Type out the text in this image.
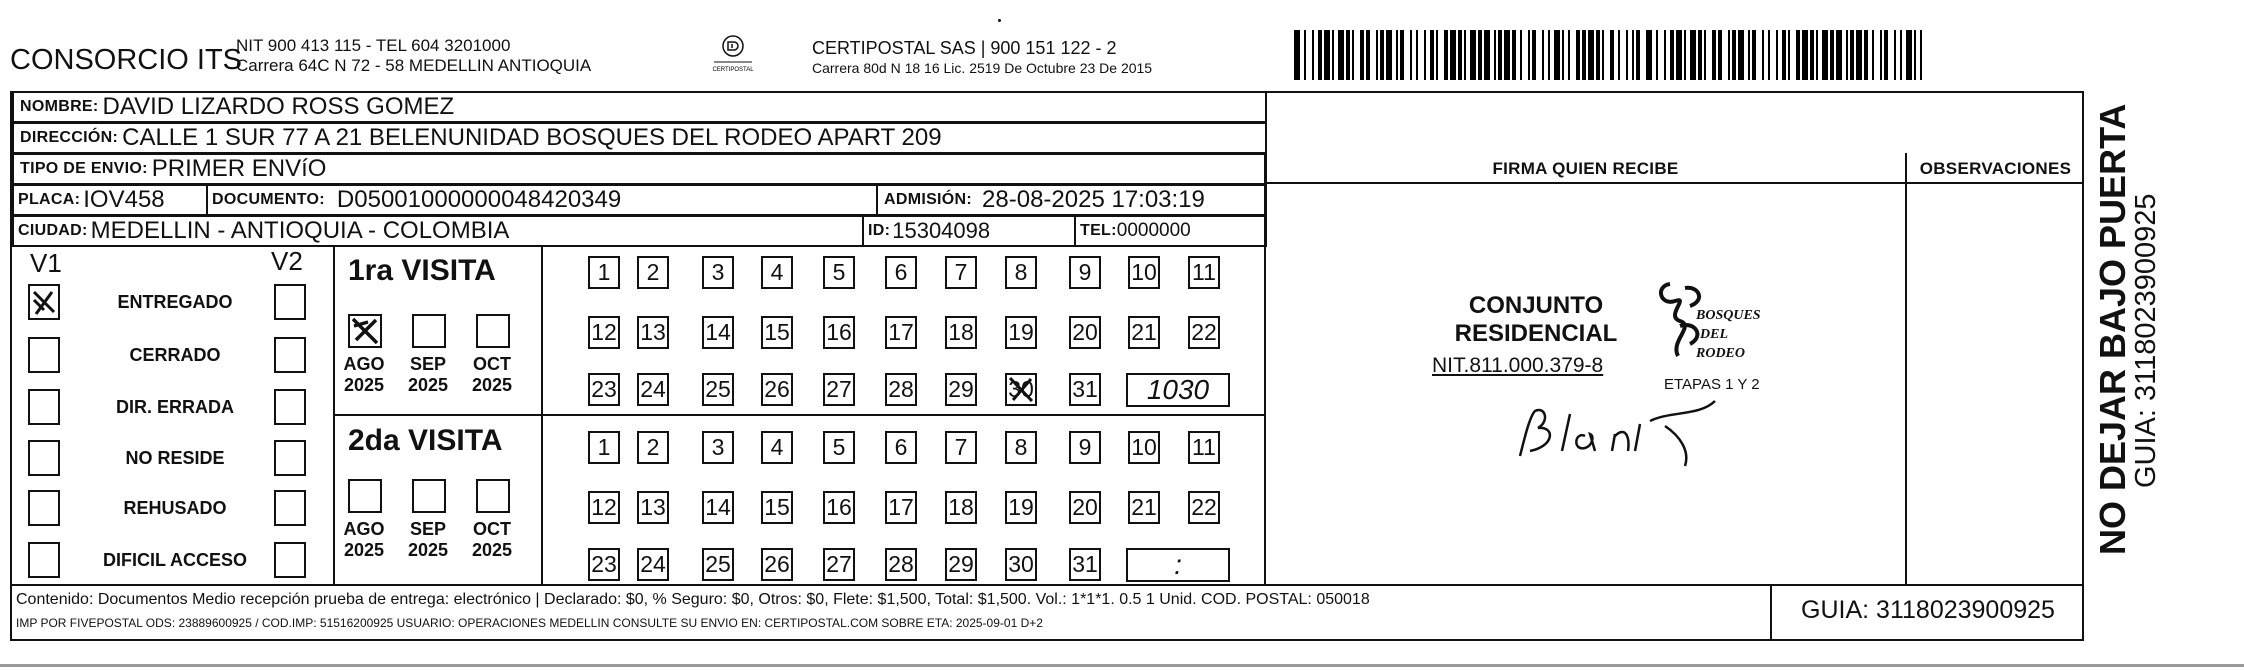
CONSORCIO ITS
NIT 900 413 115 - TEL 604 3201000
Carrera 64C N 72 - 58 MEDELLIN ANTIOQUIA	CERTIPOSTAL
CERTIPOSTAL SAS | 900 151 122 - 2
Carrera 80d N 18 16 Lic. 2519 De Octubre 23 De 2015
NOMBRE: DAVID LIZARDO ROSS GOMEZ
DIRECCIÓN: CALLE 1 SUR 77 A 21 BELENUNIDAD BOSQUES DEL RODEO APART 209
TIPO DE ENVIO: PRIMER ENVíO
PLACA: IOV458	DOCUMENTO: D05001000000048420349	ADMISIÓN: 28-08-2025 17:03:19
CIUDAD: MEDELLIN - ANTIOQUIA - COLOMBIA	ID: 15304098	TEL: 0000000
FIRMA QUIEN RECIBE	OBSERVACIONES
CONJUNTO
RESIDENCIAL
NIT.811.000.379-8
BOSQUES
DEL
RODEO
ETAPAS 1 Y 2
V1	V2
ENTREGADO
CERRADO
DIR. ERRADA
NO RESIDE
REHUSADO
DIFICIL ACCESO
1ra VISITA
2da VISITA
AGO
2025
SEP
2025
OCT
2025
1 2 3 4 5 6 7 8 9 10 11
12 13 14 15 16 17 18 19 20 21 22
23 24 25 26 27 28 29 30 31	1030
AGO
2025
SEP
2025
OCT
2025
1 2 3 4 5 6 7 8 9 10 11
12 13 14 15 16 17 18 19 20 21 22
23 24 25 26 27 28 29 30 31	:
Contenido: Documentos Medio recepción prueba de entrega: electrónico | Declarado: $0, % Seguro: $0, Otros: $0, Flete: $1,500, Total: $1,500. Vol.: 1*1*1. 0.5 1 Unid. COD. POSTAL: 050018
IMP POR FIVEPOSTAL ODS: 23889600925 / COD.IMP: 51516200925 USUARIO: OPERACIONES MEDELLIN CONSULTE SU ENVIO EN: CERTIPOSTAL.COM SOBRE ETA: 2025-09-01 D+2	GUIA: 3118023900925
NO DEJAR BAJO PUERTA
GUIA: 3118023900925
